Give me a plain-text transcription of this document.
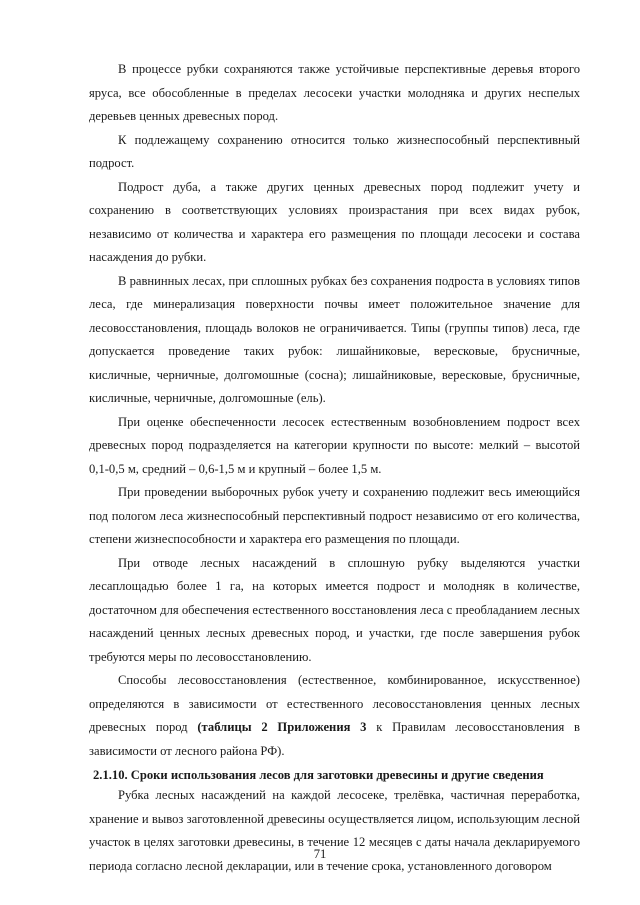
В процессе рубки сохраняются также устойчивые перспективные деревья второго яруса, все обособленные в пределах лесосеки участки молодняка и других неспелых деревьев ценных древесных пород.

К подлежащему сохранению относится только жизнеспособный перспективный подрост.

Подрост дуба, а также других ценных древесных пород подлежит учету и сохранению в соответствующих условиях произрастания при всех видах рубок, независимо от количества и характера его размещения по площади лесосеки и состава насаждения до рубки.

В равнинных лесах, при сплошных рубках без сохранения подроста в условиях типов леса, где минерализация поверхности почвы имеет положительное значение для лесовосстановления, площадь волоков не ограничивается. Типы (группы типов) леса, где допускается проведение таких рубок: лишайниковые, вересковые, брусничные, кисличные, черничные, долгомошные (сосна); лишайниковые, вересковые, брусничные, кисличные, черничные, долгомошные (ель).

При оценке обеспеченности лесосек естественным возобновлением подрост всех древесных пород подразделяется на категории крупности по высоте: мелкий – высотой 0,1-0,5 м, средний – 0,6-1,5 м и крупный – более 1,5 м.

При проведении выборочных рубок учету и сохранению подлежит весь имеющийся под пологом леса жизнеспособный перспективный подрост независимо от его количества, степени жизнеспособности и характера его размещения по площади.

При отводе лесных насаждений в сплошную рубку выделяются участки лесаплощадью более 1 га, на которых имеется подрост и молодняк в количестве, достаточном для обеспечения естественного восстановления леса с преобладанием лесных насаждений ценных лесных древесных пород, и участки, где после завершения рубок требуются меры по лесовосстановлению.

Способы лесовосстановления (естественное, комбинированное, искусственное) определяются в зависимости от естественного лесовосстановления ценных лесных древесных пород (таблицы 2 Приложения 3 к Правилам лесовосстановления в зависимости от лесного района РФ).

2.1.10. Сроки использования лесов для заготовки древесины и другие сведения

Рубка лесных насаждений на каждой лесосеке, трелёвка, частичная переработка, хранение и вывоз заготовленной древесины осуществляется лицом, использующим лесной участок в целях заготовки древесины, в течение 12 месяцев с даты начала декларируемого периода согласно лесной декларации, или в течение срока, установленного договором

71
